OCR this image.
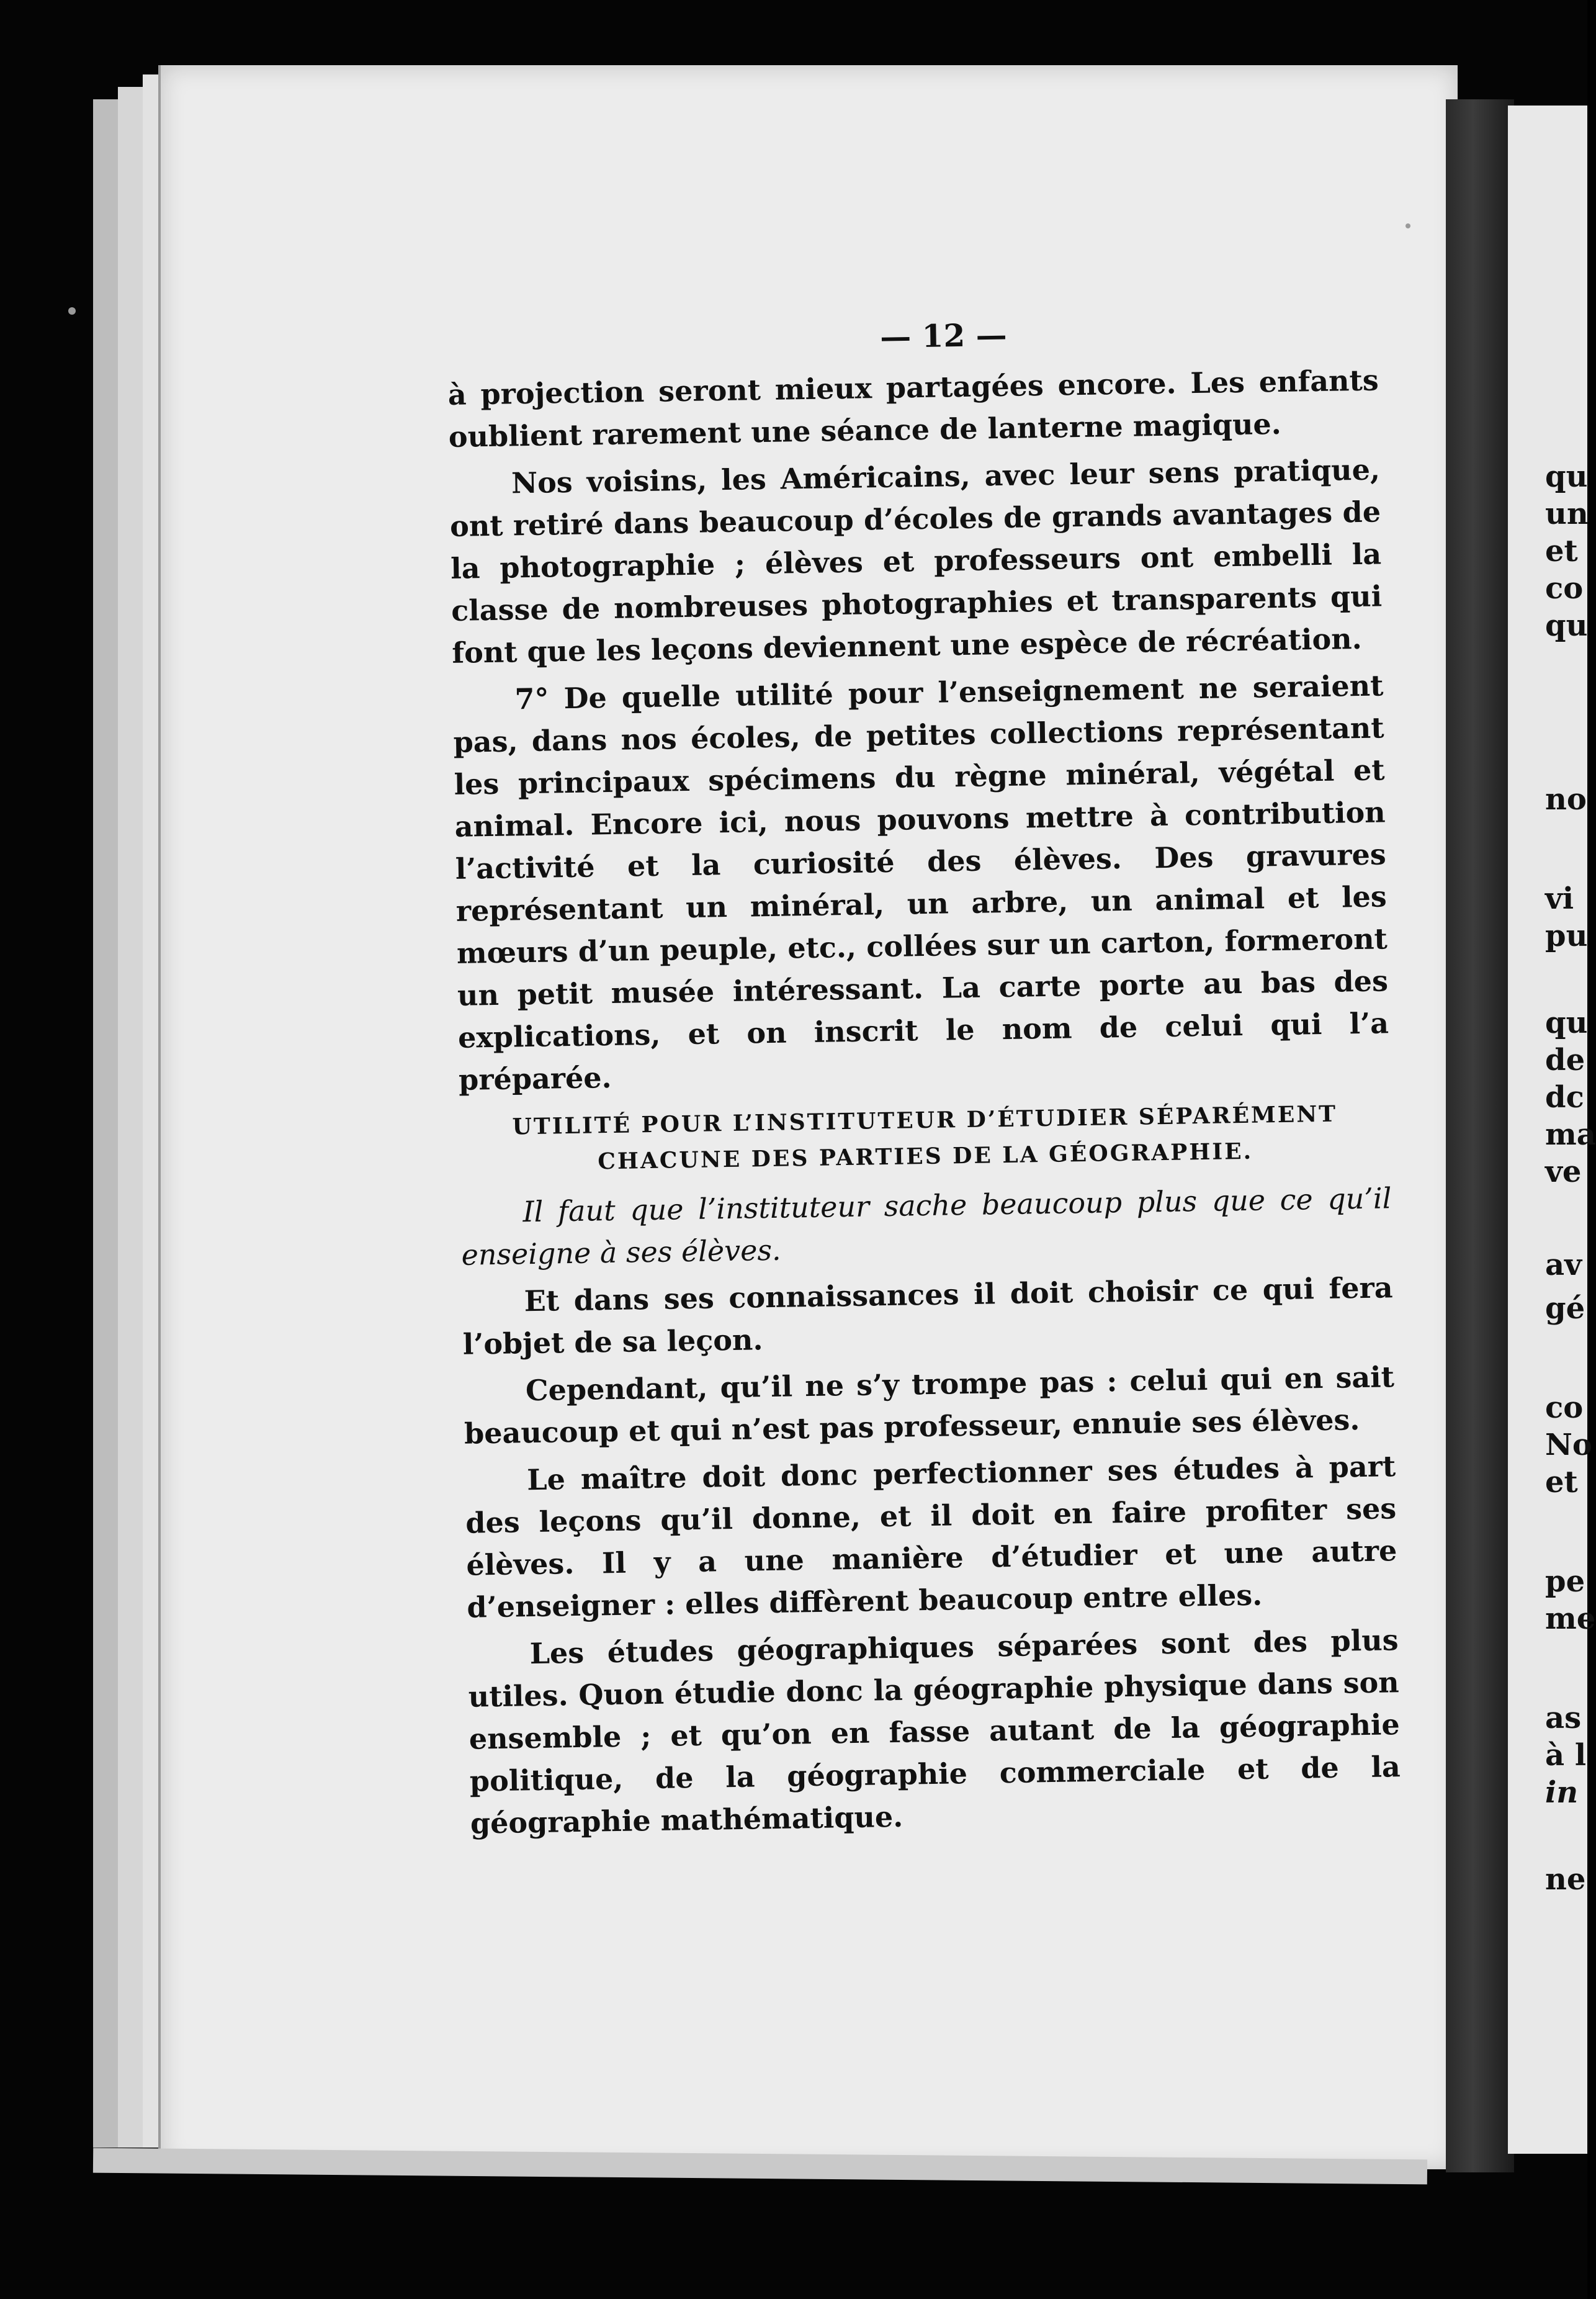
qu
un
et
co
qu
no
vi
pu
qu
de
dc
ma
ve
av
gé
co
No
et
pe
me
as
à l
in
ne
— 12 —

à projection seront mieux partagées encore. Les enfants oublient rarement une séance de lanterne magique.

Nos voisins, les Américains, avec leur sens pratique, ont retiré dans beaucoup d’écoles de grands avantages de la photographie ; élèves et professeurs ont embelli la classe de nombreuses photographies et transparents qui font que les leçons deviennent une espèce de récréation.

7° De quelle utilité pour l’enseignement ne seraient pas, dans nos écoles, de petites collections représentant les principaux spécimens du règne minéral, végétal et animal. Encore ici, nous pouvons mettre à contribution l’activité et la curiosité des élèves. Des gravures représentant un minéral, un arbre, un animal et les mœurs d’un peuple, etc., collées sur un carton, formeront un petit musée intéressant. La carte porte au bas des explications, et on inscrit le nom de celui qui l’a préparée.

UTILITÉ POUR L’INSTITUTEUR D’ÉTUDIER SÉPARÉMENT
CHACUNE DES PARTIES DE LA GÉOGRAPHIE.

Il faut que l’instituteur sache beaucoup plus que ce qu’il enseigne à ses élèves.

Et dans ses connaissances il doit choisir ce qui fera l’objet de sa leçon.

Cependant, qu’il ne s’y trompe pas : celui qui en sait beaucoup et qui n’est pas professeur, ennuie ses élèves.

Le maître doit donc perfectionner ses études à part des leçons qu’il donne, et il doit en faire profiter ses élèves. Il y a une manière d’étudier et une autre d’enseigner : elles diffèrent beaucoup entre elles.

Les études géographiques séparées sont des plus utiles. Quon étudie donc la géographie physique dans son ensemble ; et qu’on en fasse autant de la géographie politique, de la géographie commerciale et de la géographie mathématique.
